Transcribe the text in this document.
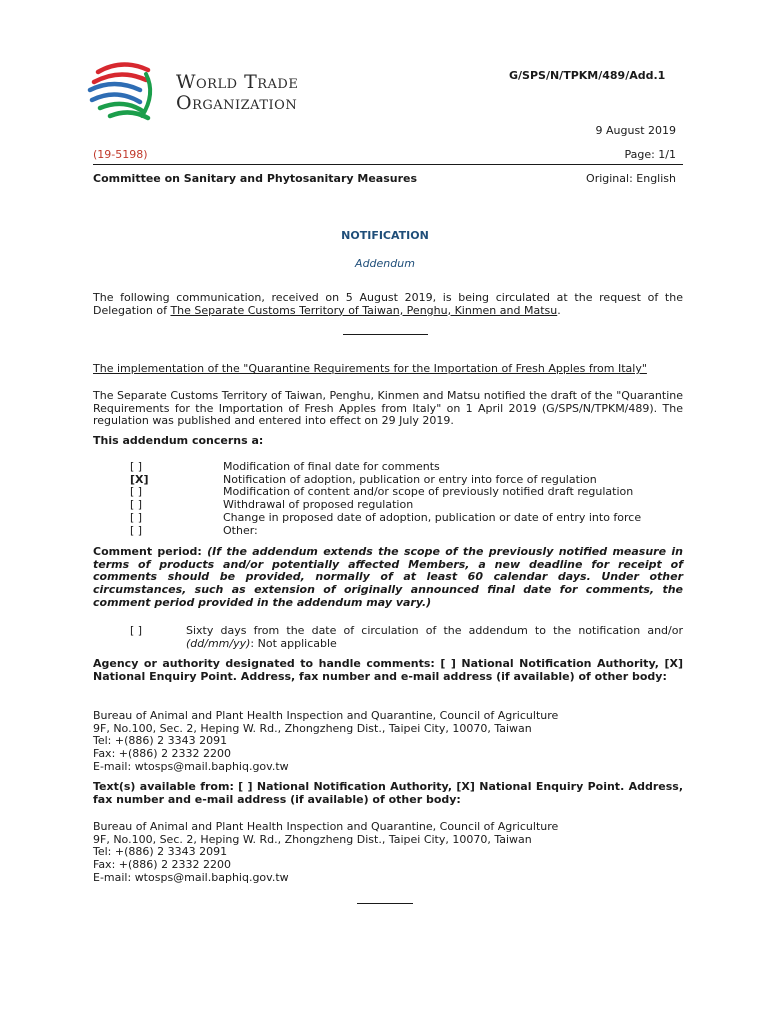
World Trade
Organization
G/SPS/N/TPKM/489/Add.1
9 August 2019
(19-5198)	Page: 1/1
Committee on Sanitary and Phytosanitary Measures	Original: English
NOTIFICATION
Addendum
The following communication, received on 5 August 2019, is being circulated at the request of the Delegation of The Separate Customs Territory of Taiwan, Penghu, Kinmen and Matsu.
The implementation of the "Quarantine Requirements for the Importation of Fresh Apples from Italy"
The Separate Customs Territory of Taiwan, Penghu, Kinmen and Matsu notified the draft of the "Quarantine Requirements for the Importation of Fresh Apples from Italy" on 1 April 2019 (G/SPS/N/TPKM/489). The regulation was published and entered into effect on 29 July 2019.
This addendum concerns a:
[ ]	Modification of final date for comments
[X]	Notification of adoption, publication or entry into force of regulation
[ ]	Modification of content and/or scope of previously notified draft regulation
[ ]	Withdrawal of proposed regulation
[ ]	Change in proposed date of adoption, publication or date of entry into force
[ ]	Other:
Comment period: (If the addendum extends the scope of the previously notified measure in terms of products and/or potentially affected Members, a new deadline for receipt of comments should be provided, normally of at least 60 calendar days. Under other circumstances, such as extension of originally announced final date for comments, the comment period provided in the addendum may vary.)
[ ]	Sixty days from the date of circulation of the addendum to the notification and/or (dd/mm/yy): Not applicable
Agency or authority designated to handle comments: [ ] National Notification Authority, [X] National Enquiry Point. Address, fax number and e-mail address (if available) of other body:
Bureau of Animal and Plant Health Inspection and Quarantine, Council of Agriculture
9F, No.100, Sec. 2, Heping W. Rd., Zhongzheng Dist., Taipei City, 10070, Taiwan
Tel: +(886) 2 3343 2091
Fax: +(886) 2 2332 2200
E-mail: wtosps@mail.baphiq.gov.tw
Text(s) available from: [ ] National Notification Authority, [X] National Enquiry Point. Address, fax number and e-mail address (if available) of other body:
Bureau of Animal and Plant Health Inspection and Quarantine, Council of Agriculture
9F, No.100, Sec. 2, Heping W. Rd., Zhongzheng Dist., Taipei City, 10070, Taiwan
Tel: +(886) 2 3343 2091
Fax: +(886) 2 2332 2200
E-mail: wtosps@mail.baphiq.gov.tw
